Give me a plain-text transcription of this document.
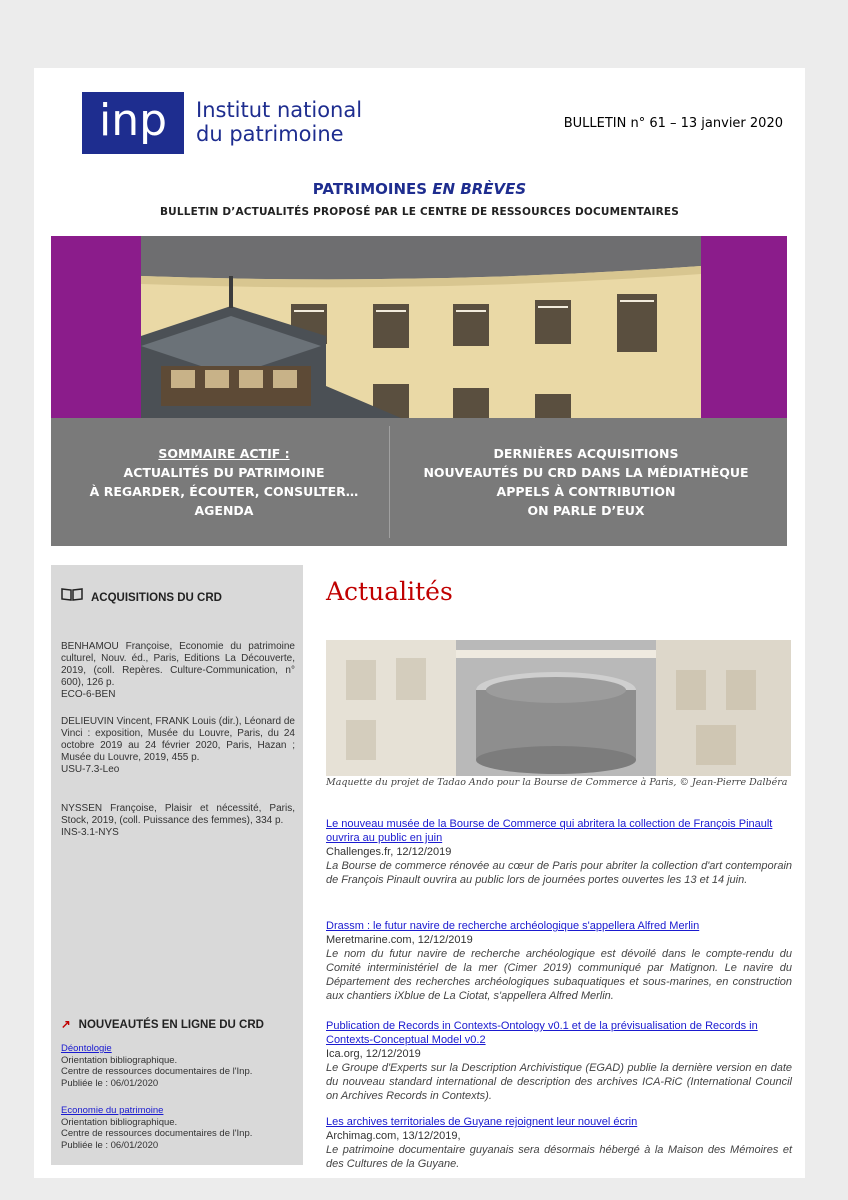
inp	Institut national
du patrimoine	BULLETIN n° 61 – 13 janvier 2020
PATRIMOINES EN BRÈVES
BULLETIN D’ACTUALITÉS PROPOSÉ PAR LE CENTRE DE RESSOURCES DOCUMENTAIRES
SOMMAIRE ACTIF :
ACTUALITÉS DU PATRIMOINE
À REGARDER, ÉCOUTER, CONSULTER…
AGENDA
DERNIÈRES ACQUISITIONS
NOUVEAUTÉS DU CRD DANS LA MÉDIATHÈQUE
APPELS À CONTRIBUTION
ON PARLE D’EUX
ACQUISITIONS DU CRD
BENHAMOU Françoise, Economie du patrimoine culturel, Nouv. éd., Paris, Editions La Découverte, 2019, (coll. Repères. Culture-Communication, n° 600), 126 p.
ECO-6-BEN
DELIEUVIN Vincent, FRANK Louis (dir.), Léonard de Vinci : exposition, Musée du Louvre, Paris, du 24 octobre 2019 au 24 février 2020, Paris, Hazan ; Musée du Louvre, 2019, 455 p.
USU-7.3-Leo
NYSSEN Françoise, Plaisir et nécessité, Paris, Stock, 2019, (coll. Puissance des femmes), 334 p.
INS-3.1-NYS
↗ NOUVEAUTÉS EN LIGNE DU CRD
Déontologie
Orientation bibliographique.
Centre de ressources documentaires de l'Inp.
Publiée le : 06/01/2020
Economie du patrimoine
Orientation bibliographique.
Centre de ressources documentaires de l'Inp.
Publiée le : 06/01/2020
Actualités
Maquette du projet de Tadao Ando pour la Bourse de Commerce à Paris, © Jean-Pierre Dalbéra
Le nouveau musée de la Bourse de Commerce qui abritera la collection de François Pinault ouvrira au public en juin
Challenges.fr, 12/12/2019
La Bourse de commerce rénovée au cœur de Paris pour abriter la collection d'art contemporain de François Pinault ouvrira au public lors de journées portes ouvertes les 13 et 14 juin.
Drassm : le futur navire de recherche archéologique s'appellera Alfred Merlin
Meretmarine.com, 12/12/2019
Le nom du futur navire de recherche archéologique est dévoilé dans le compte-rendu du Comité interministériel de la mer (Cimer 2019) communiqué par Matignon. Le navire du Département des recherches archéologiques subaquatiques et sous-marines, en construction aux chantiers iXblue de La Ciotat, s'appellera Alfred Merlin.
Publication de Records in Contexts-Ontology v0.1 et de la prévisualisation de Records in Contexts-Conceptual Model v0.2
Ica.org, 12/12/2019
Le Groupe d'Experts sur la Description Archivistique (EGAD) publie la dernière version en date du nouveau standard international de description des archives ICA-RiC (International Council on Archives Records in Contexts).
Les archives territoriales de Guyane rejoignent leur nouvel écrin
Archimag.com, 13/12/2019,
Le patrimoine documentaire guyanais sera désormais hébergé à la Maison des Mémoires et des Cultures de la Guyane.
